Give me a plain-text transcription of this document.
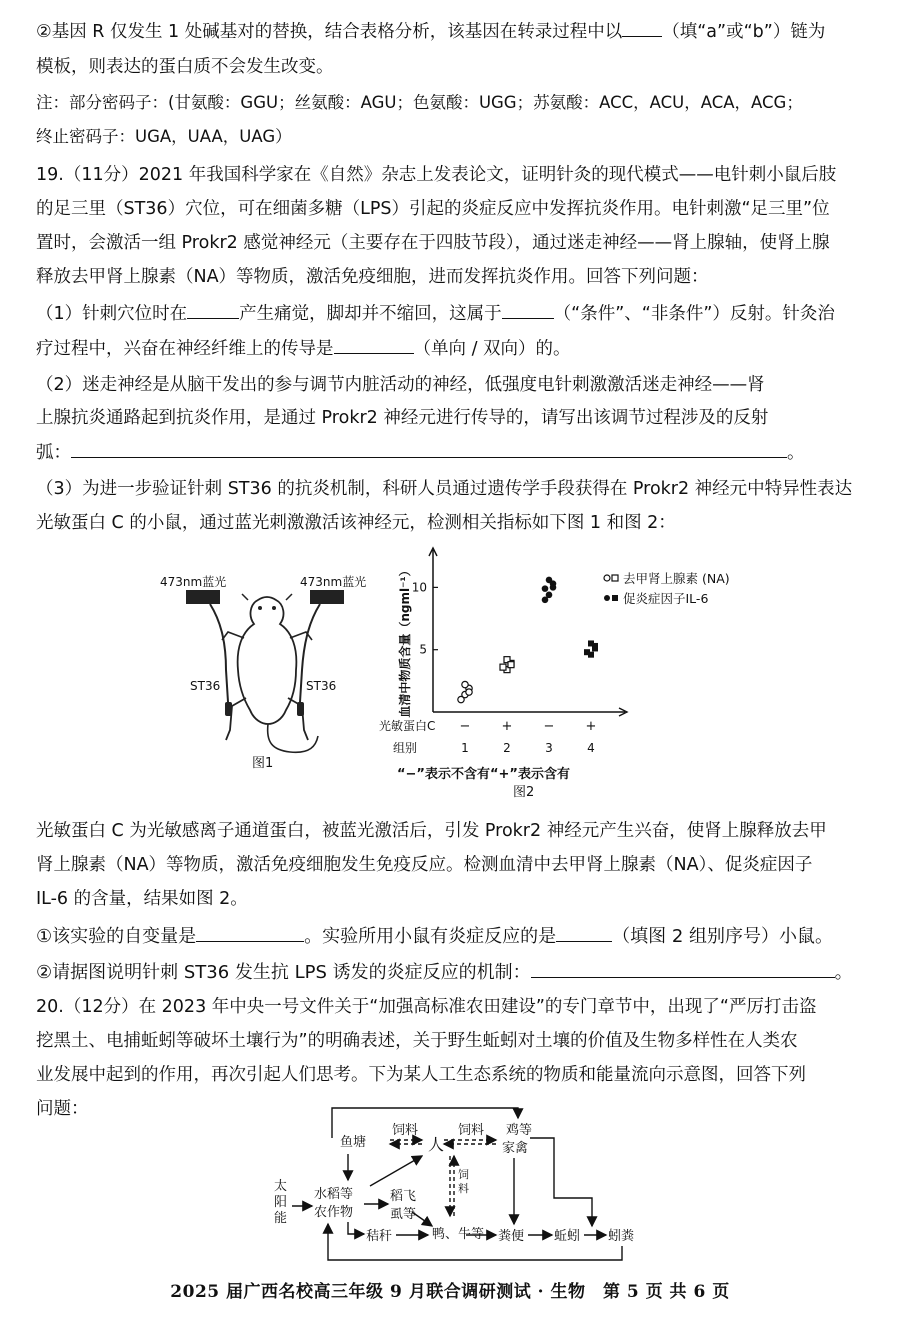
②基因 R 仅发生 1 处碱基对的替换，结合表格分析，该基因在转录过程中以 （填“a”或“b”）链为
模板，则表达的蛋白质不会发生改变。
注：部分密码子：(甘氨酸：GGU；丝氨酸：AGU；色氨酸：UGG；苏氨酸：ACC，ACU，ACA，ACG；
终止密码子：UGA，UAA，UAG）
19.（11分）2021 年我国科学家在《自然》杂志上发表论文，证明针灸的现代模式——电针刺小鼠后肢
的足三里（ST36）穴位，可在细菌多糖（LPS）引起的炎症反应中发挥抗炎作用。电针刺激“足三里”位
置时，会激活一组 Prokr2 感觉神经元（主要存在于四肢节段），通过迷走神经——肾上腺轴，使肾上腺
释放去甲肾上腺素（NA）等物质，激活免疫细胞，进而发挥抗炎作用。回答下列问题：
（1）针刺穴位时在	产生痛觉，脚却并不缩回，这属于	（“条件”、“非条件”）反射。针灸治
疗过程中，兴奋在神经纤维上的传导是	（单向 / 双向）的。
（2）迷走神经是从脑干发出的参与调节内脏活动的神经，低强度电针刺激激活迷走神经——肾
上腺抗炎通路起到抗炎作用，是通过 Prokr2 神经元进行传导的，请写出该调节过程涉及的反射
弧：	。
（3）为进一步验证针刺 ST36 的抗炎机制，科研人员通过遗传学手段获得在 Prokr2 神经元中特异性表达
光敏蛋白 C 的小鼠，通过蓝光刺激激活该神经元，检测相关指标如下图 1 和图 2：
473nm蓝光	473nm蓝光
ST36	ST36
图1
5
10
血清中物质含量（ngml⁻¹）
光敏蛋白C
组别
−
1
+
2
−
3
+
4
去甲肾上腺素 (NA)
促炎症因子IL-6
“−”表示不含有“+”表示含有
图2
光敏蛋白 C 为光敏感离子通道蛋白，被蓝光激活后，引发 Prokr2 神经元产生兴奋，使肾上腺释放去甲
肾上腺素（NA）等物质，激活免疫细胞发生免疫反应。检测血清中去甲肾上腺素（NA）、促炎症因子
IL-6 的含量，结果如图 2。
①该实验的自变量是	。实验所用小鼠有炎症反应的是	（填图 2 组别序号）小鼠。
②请据图说明针刺 ST36 发生抗 LPS 诱发的炎症反应的机制：	。
20.（12分）在 2023 年中央一号文件关于“加强高标准农田建设”的专门章节中，出现了“严厉打击盗
挖黑土、电捕蚯蚓等破坏土壤行为”的明确表述，关于野生蚯蚓对土壤的价值及生物多样性在人类农
业发展中起到的作用，再次引起人们思考。下为某人工生态系统的物质和能量流向示意图，回答下列
问题：
鱼塘
饲料
人
饲料 鸡等
家禽
太
阳
能
水稻等
农作物
稻飞
虱等
饲
料
鸭、牛等
秸秆	粪便 蚯蚓 蚓粪
2025 届广西名校高三年级 9 月联合调研测试 · 生物　第 5 页 共 6 页
